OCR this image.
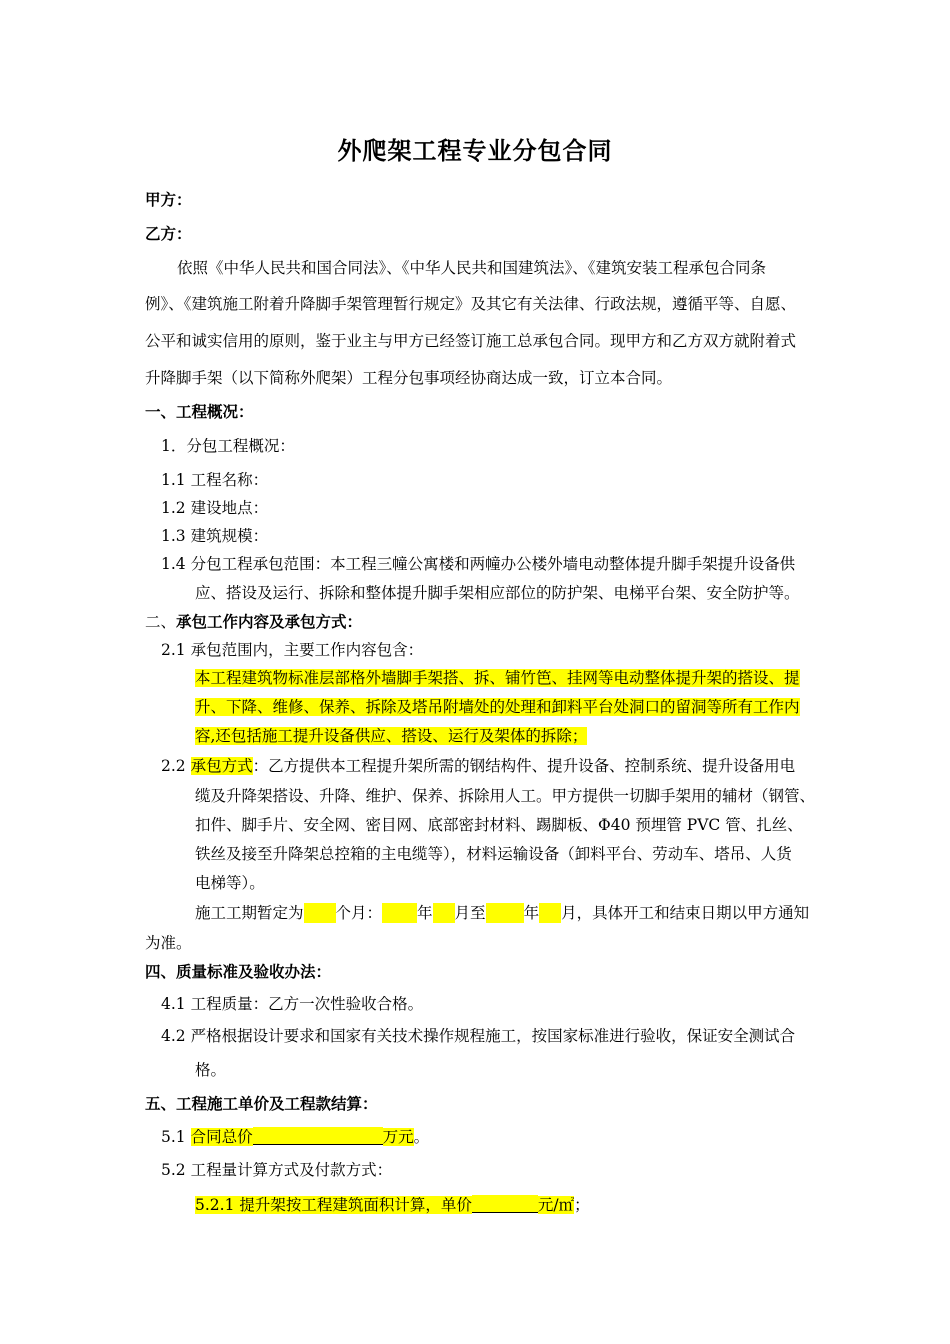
外爬架工程专业分包合同
甲方：
乙方：
依照《中华人民共和国合同法》、《中华人民共和国建筑法》、《建筑安装工程承包合同条
例》、《建筑施工附着升降脚手架管理暂行规定》及其它有关法律、行政法规，遵循平等、自愿、
公平和诚实信用的原则，鉴于业主与甲方已经签订施工总承包合同。现甲方和乙方双方就附着式
升降脚手架（以下简称外爬架）工程分包事项经协商达成一致，订立本合同。
一、工程概况：
1．分包工程概况：
1.1 工程名称：
1.2 建设地点：
1.3 建筑规模：
1.4 分包工程承包范围：本工程三幢公寓楼和两幢办公楼外墙电动整体提升脚手架提升设备供
应、搭设及运行、拆除和整体提升脚手架相应部位的防护架、电梯平台架、安全防护等。
二、承包工作内容及承包方式：
2.1 承包范围内，主要工作内容包含：
本工程建筑物标准层部格外墙脚手架搭、拆、铺竹笆、挂网等电动整体提升架的搭设、提
升、下降、维修、保养、拆除及塔吊附墙处的处理和卸料平台处洞口的留洞等所有工作内
容,还包括施工提升设备供应、搭设、运行及架体的拆除；
2.2 承包方式：乙方提供本工程提升架所需的钢结构件、提升设备、控制系统、提升设备用电
缆及升降架搭设、升降、维护、保养、拆除用人工。甲方提供一切脚手架用的辅材（钢管、
扣件、脚手片、安全网、密目网、底部密封材料、踢脚板、Φ40 预埋管 PVC 管、扎丝、
铁丝及接至升降架总控箱的主电缆等），材料运输设备（卸料平台、劳动车、塔吊、人货
电梯等）。
施工工期暂定为 个月： 年 月至 年 月，具体开工和结束日期以甲方通知
为准。
四、质量标准及验收办法：
4.1 工程质量：乙方一次性验收合格。
4.2 严格根据设计要求和国家有关技术操作规程施工，按国家标准进行验收，保证安全测试合
格。
五、工程施工单价及工程款结算：
5.1 合同总价	万元。
5.2 工程量计算方式及付款方式：
5.2.1 提升架按工程建筑面积计算，单价	元/㎡；
